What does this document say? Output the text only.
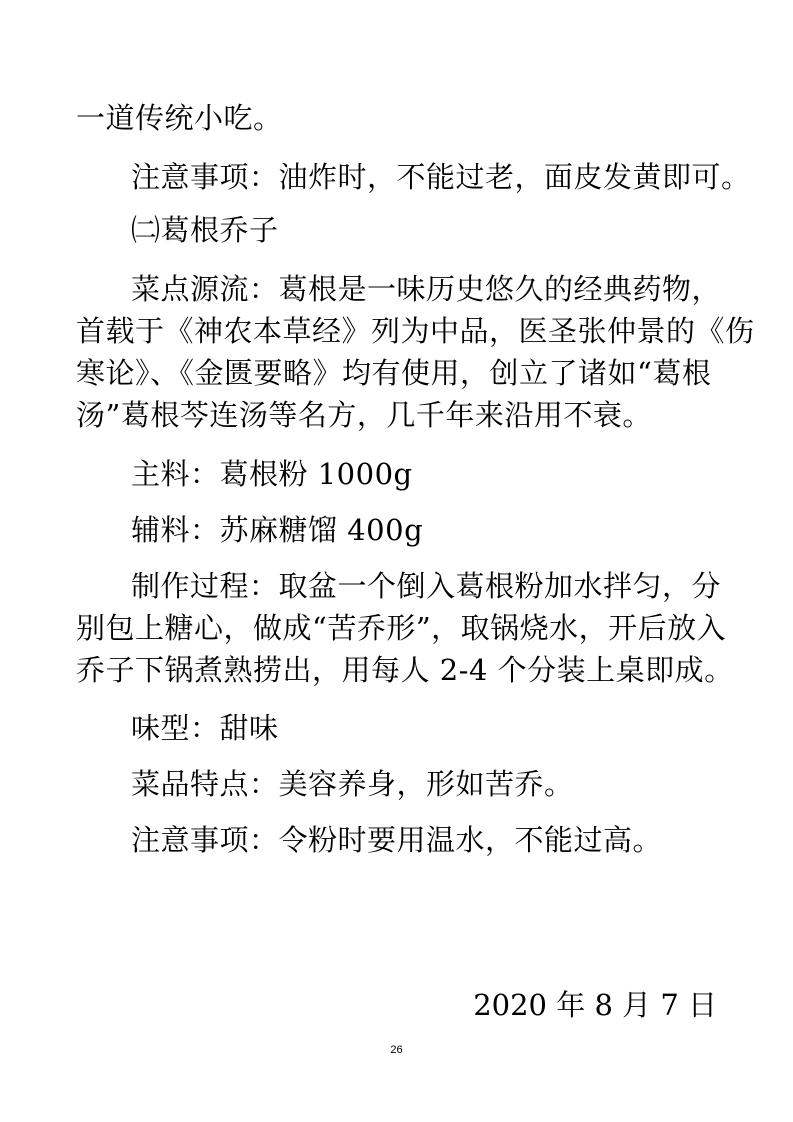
一道传统小吃。
注意事项：油炸时，不能过老，面皮发黄即可。
㈡葛根乔子
菜点源流：葛根是一味历史悠久的经典药物，
首载于《神农本草经》列为中品，医圣张仲景的《伤
寒论》、《金匮要略》均有使用，创立了诸如“葛根
汤”葛根芩连汤等名方，几千年来沿用不衰。
主料：葛根粉 1000g
辅料：苏麻糖馏 400g
制作过程：取盆一个倒入葛根粉加水拌匀，分
别包上糖心，做成“苦乔形”，取锅烧水，开后放入
乔子下锅煮熟捞出，用每人 2-4 个分装上桌即成。
味型：甜味
菜品特点：美容养身，形如苦乔。
注意事项：令粉时要用温水，不能过高。
2020 年 8 月 7 日
26
